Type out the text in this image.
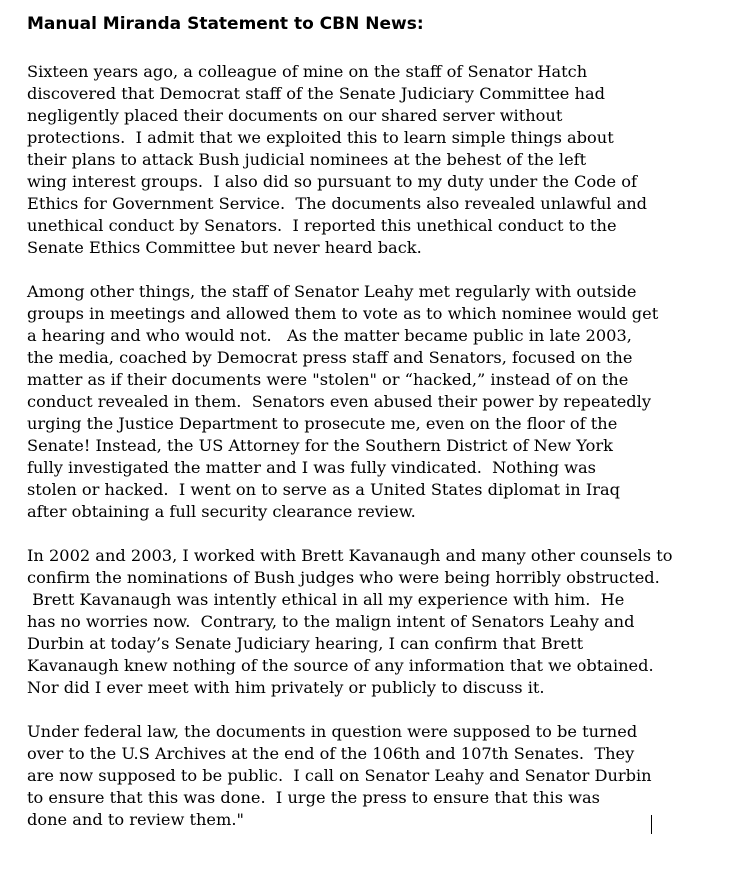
Manual Miranda Statement to CBN News:

Sixteen years ago, a colleague of mine on the staff of Senator Hatch
discovered that Democrat staff of the Senate Judiciary Committee had
negligently placed their documents on our shared server without
protections.  I admit that we exploited this to learn simple things about
their plans to attack Bush judicial nominees at the behest of the left
wing interest groups.  I also did so pursuant to my duty under the Code of
Ethics for Government Service.  The documents also revealed unlawful and
unethical conduct by Senators.  I reported this unethical conduct to the
Senate Ethics Committee but never heard back.

Among other things, the staff of Senator Leahy met regularly with outside
groups in meetings and allowed them to vote as to which nominee would get
a hearing and who would not.   As the matter became public in late 2003,
the media, coached by Democrat press staff and Senators, focused on the
matter as if their documents were "stolen" or “hacked,” instead of on the
conduct revealed in them.  Senators even abused their power by repeatedly
urging the Justice Department to prosecute me, even on the floor of the
Senate! Instead, the US Attorney for the Southern District of New York
fully investigated the matter and I was fully vindicated.  Nothing was
stolen or hacked.  I went on to serve as a United States diplomat in Iraq
after obtaining a full security clearance review.

In 2002 and 2003, I worked with Brett Kavanaugh and many other counsels to
confirm the nominations of Bush judges who were being horribly obstructed.
Brett Kavanaugh was intently ethical in all my experience with him.  He
has no worries now.  Contrary, to the malign intent of Senators Leahy and
Durbin at today’s Senate Judiciary hearing, I can confirm that Brett
Kavanaugh knew nothing of the source of any information that we obtained.
Nor did I ever meet with him privately or publicly to discuss it.

Under federal law, the documents in question were supposed to be turned
over to the U.S Archives at the end of the 106th and 107th Senates.  They
are now supposed to be public.  I call on Senator Leahy and Senator Durbin
to ensure that this was done.  I urge the press to ensure that this was
done and to review them."
